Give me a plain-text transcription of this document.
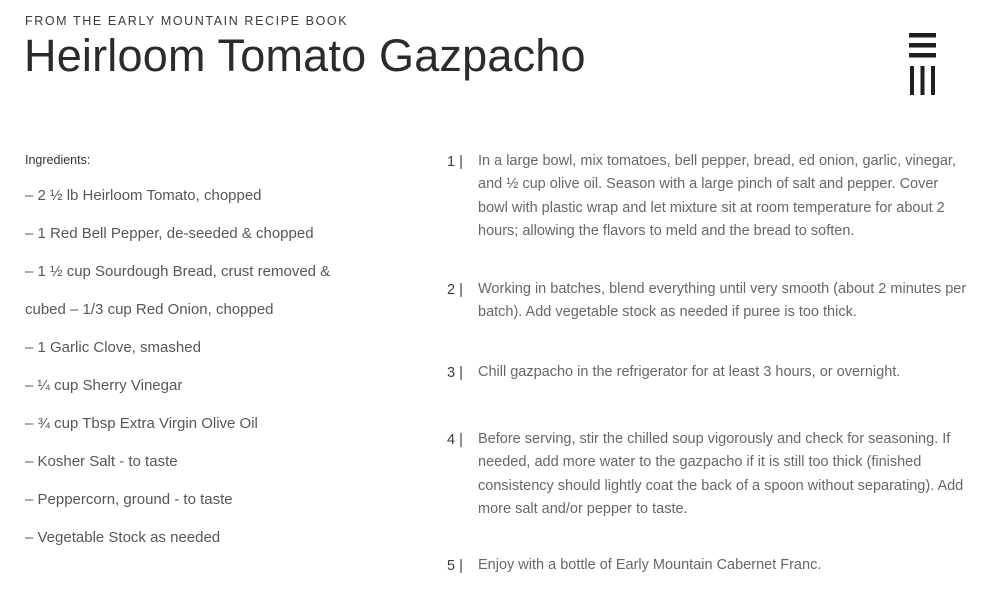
FROM THE EARLY MOUNTAIN RECIPE BOOK
Heirloom Tomato Gazpacho

Ingredients:

– 2 ½ lb Heirloom Tomato, chopped
– 1 Red Bell Pepper, de-seeded & chopped
– 1 ½ cup Sourdough Bread, crust removed &
cubed – 1/3 cup Red Onion, chopped
– 1 Garlic Clove, smashed
– ¼ cup Sherry Vinegar
– ¾ cup Tbsp Extra Virgin Olive Oil
– Kosher Salt - to taste
– Peppercorn, ground - to taste
– Vegetable Stock as needed
1 | In a large bowl, mix tomatoes, bell pepper, bread, ed onion, garlic, vinegar, and ½ cup olive oil. Season with a large pinch of salt and pepper. Cover bowl with plastic wrap and let mixture sit at room temperature for about 2 hours; allowing the flavors to meld and the bread to soften.
2 | Working in batches, blend everything until very smooth (about 2 minutes per batch). Add vegetable stock as needed if puree is too thick.
3 | Chill gazpacho in the refrigerator for at least 3 hours, or overnight.
4 | Before serving, stir the chilled soup vigorously and check for seasoning. If needed, add more water to the gazpacho if it is still too thick (finished consistency should lightly coat the back of a spoon without separating). Add more salt and/or pepper to taste.
5 | Enjoy with a bottle of Early Mountain Cabernet Franc.
